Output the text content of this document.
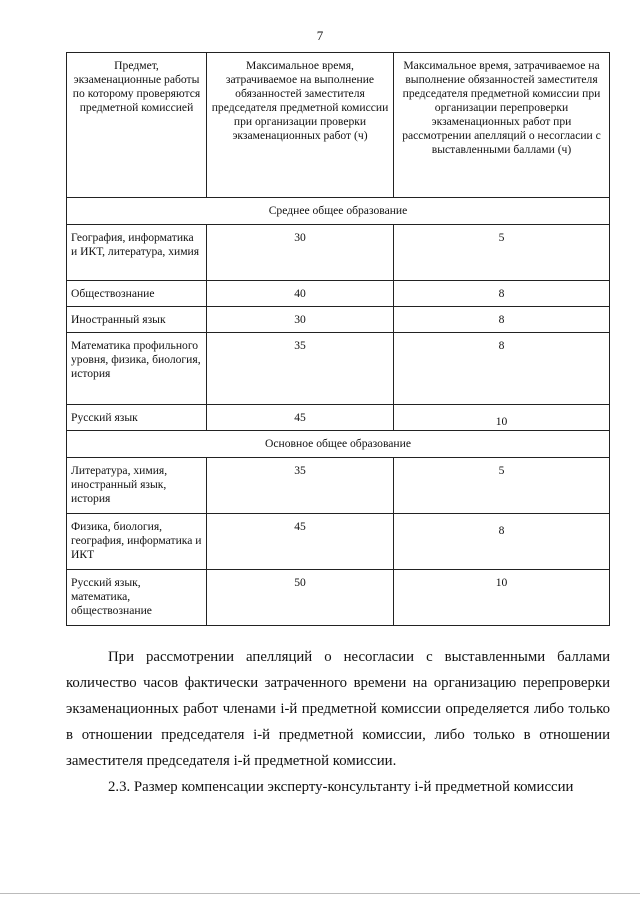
7
Предмет, экзаменационные работы по которому проверяются предметной комиссией	Максимальное время, затрачиваемое на выполнение обязанностей заместителя председателя предметной комиссии при организации проверки экзаменационных работ (ч)	Максимальное время, затрачиваемое на выполнение обязанностей заместителя председателя предметной комиссии при организации перепроверки экзаменационных работ при рассмотрении апелляций о несогласии с выставленными баллами (ч)
Среднее общее образование		
География, информатика и ИКТ, литература, химия	30	5
Обществознание	40	8
Иностранный язык	30	8
Математика профильного уровня, физика, биология, история	35	8
Русский язык	45	10
Основное общее образование		
Литература, химия, иностранный язык, история	35	5
Физика, биология, география, информатика и ИКТ	45	8
Русский язык, математика, обществознание	50	10

При рассмотрении апелляций о несогласии с выставленными баллами количество часов фактически затраченного времени на организацию перепроверки экзаменационных работ членами i-й предметной комиссии определяется либо только в отношении председателя i-й предметной комиссии, либо только в отношении заместителя председателя i-й предметной комиссии.

2.3. Размер компенсации эксперту-консультанту i-й предметной комиссии
